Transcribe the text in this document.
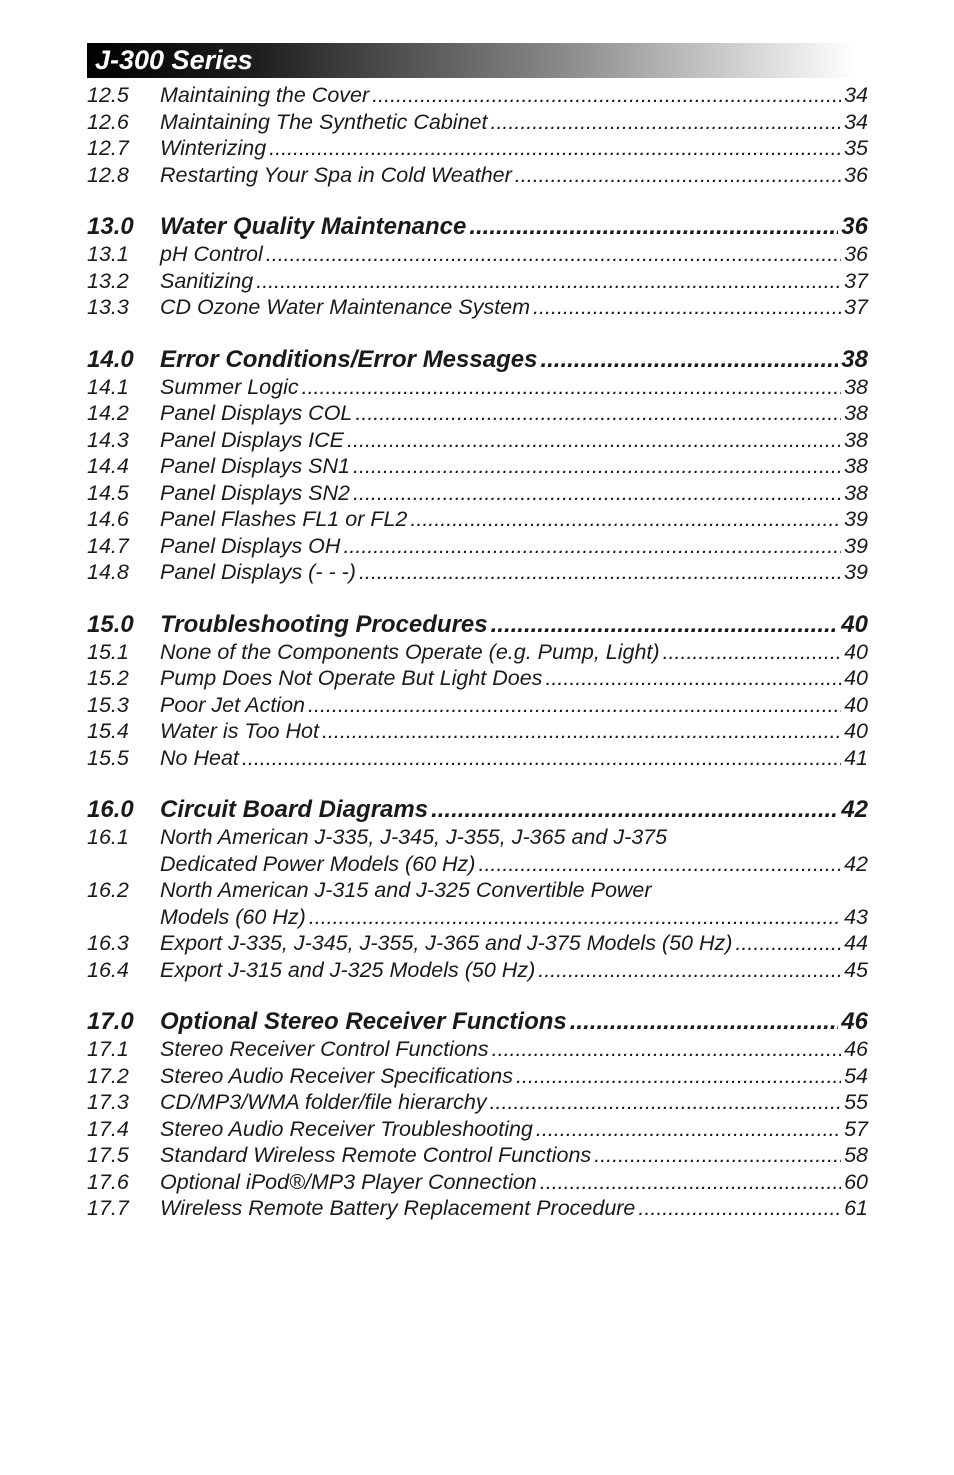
J-300 Series
12.5	Maintaining the Cover .....	34
12.6	Maintaining The Synthetic Cabinet .....	34
12.7	Winterizing .....	35
12.8	Restarting Your Spa in Cold Weather .....	36
13.0	Water Quality Maintenance .....	36
13.1	pH Control .....	36
13.2	Sanitizing .....	37
13.3	CD Ozone Water Maintenance System .....	37
14.0	Error Conditions/Error Messages .....	38
14.1	Summer Logic .....	38
14.2	Panel Displays COL .....	38
14.3	Panel Displays ICE .....	38
14.4	Panel Displays SN1 .....	38
14.5	Panel Displays SN2 .....	38
14.6	Panel Flashes FL1 or FL2 .....	39
14.7	Panel Displays OH .....	39
14.8	Panel Displays (- - -) .....	39
15.0	Troubleshooting Procedures .....	40
15.1	None of the Components Operate (e.g. Pump, Light) .....	40
15.2	Pump Does Not Operate But Light Does .....	40
15.3	Poor Jet Action .....	40
15.4	Water is Too Hot .....	40
15.5	No Heat .....	41
16.0	Circuit Board Diagrams .....	42
16.1	North American J-335, J-345, J-355, J-365 and J-375
Dedicated Power Models (60 Hz) .....	42
16.2	North American J-315 and J-325 Convertible Power
Models (60 Hz) .....	43
16.3	Export J-335, J-345, J-355, J-365 and J-375 Models (50 Hz) .....	44
16.4	Export J-315 and J-325 Models (50 Hz) .....	45
17.0	Optional Stereo Receiver Functions .....	46
17.1	Stereo Receiver Control Functions .....	46
17.2	Stereo Audio Receiver Specifications .....	54
17.3	CD/MP3/WMA folder/file hierarchy .....	55
17.4	Stereo Audio Receiver Troubleshooting .....	57
17.5	Standard Wireless Remote Control Functions .....	58
17.6	Optional iPod®/MP3 Player Connection .....	60
17.7	Wireless Remote Battery Replacement Procedure .....	61
